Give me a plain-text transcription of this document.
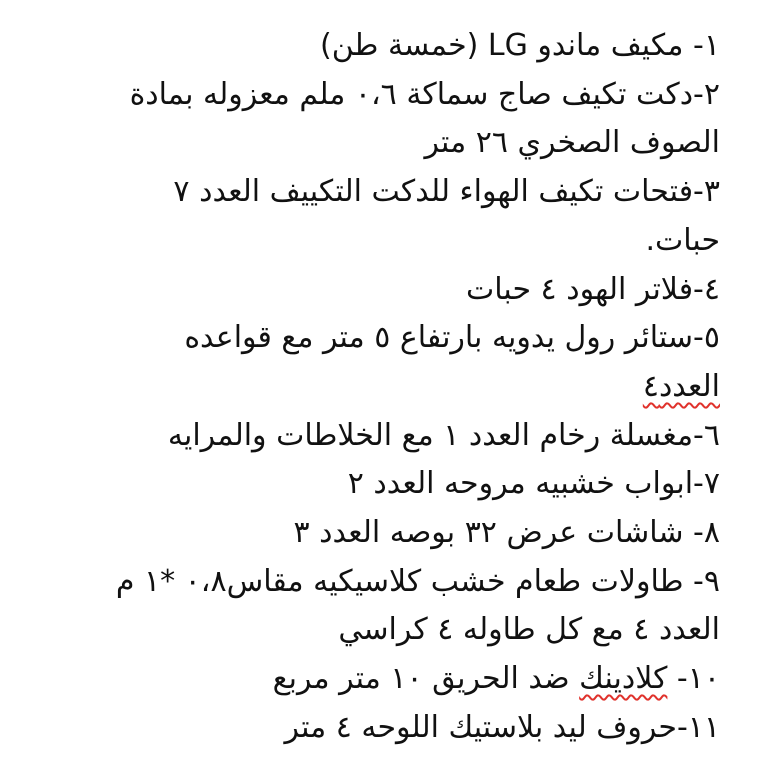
١- مكيف ماندو LG (خمسة طن)
٢-دكت تكيف صاج سماكة ٠،٦ ملم معزوله بمادة
الصوف الصخري ٢٦ متر
٣-فتحات تكيف الهواء للدكت التكييف العدد ٧
حبات.
٤-فلاتر الهود ٤ حبات
٥-ستائر رول يدويه بارتفاع ٥ متر مع قواعده
العدد٤
٦-مغسلة رخام العدد ١ مع الخلاطات والمرايه
٧-ابواب خشبيه مروحه العدد ٢
٨- شاشات عرض ٣٢ بوصه العدد ٣
٩- طاولات طعام خشب كلاسيكيه مقاس٠،٨ *١ م
العدد ٤ مع كل طاوله ٤ كراسي
١٠- كلادينك ضد الحريق ١٠ متر مربع
١١-حروف ليد بلاستيك اللوحه ٤ متر
